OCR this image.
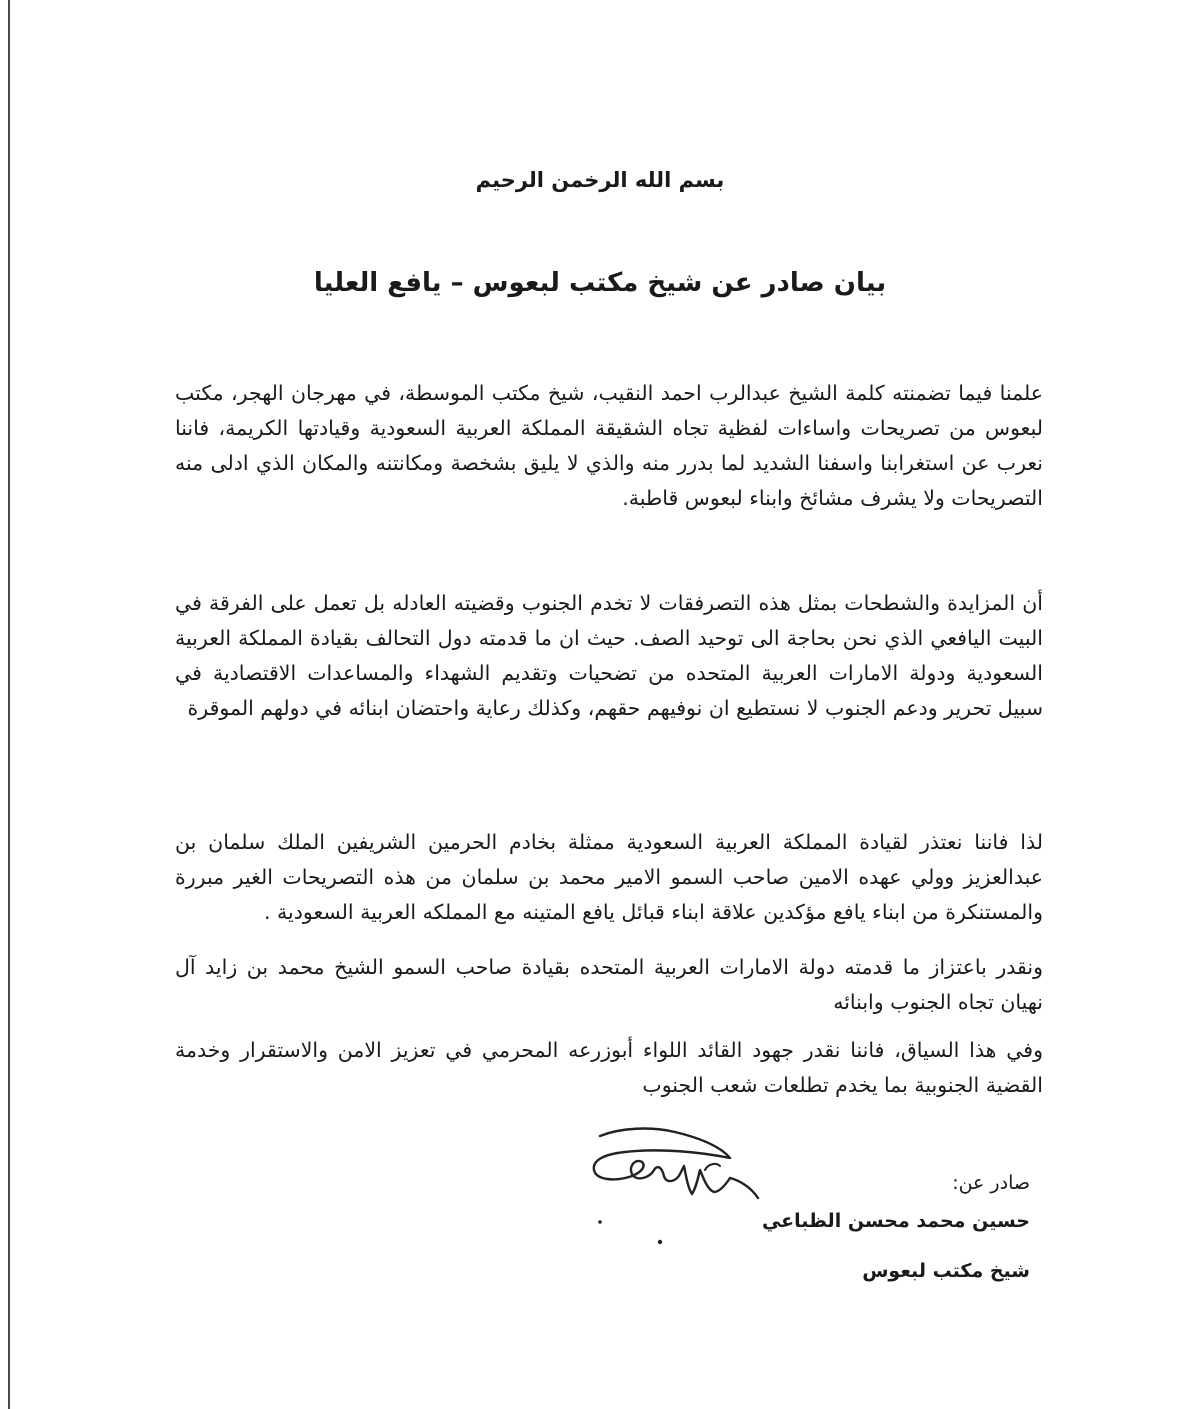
بسم الله الرخمن الرحيم
بيان صادر عن شيخ مكتب لبعوس – يافع العليا

علمنا فيما تضمنته كلمة الشيخ عبدالرب احمد النقيب، شيخ مكتب الموسطة، في مهرجان الهجر، مكتب لبعوس من تصريحات واساءات لفظية تجاه الشقيقة المملكة العربية السعودية وقيادتها الكريمة، فاننا نعرب عن استغرابنا واسفنا الشديد لما بدرر منه والذي لا يليق بشخصة ومكانتنه والمكان الذي ادلى منه التصريحات ولا يشرف مشائخ وابناء لبعوس قاطبة.

أن المزايدة والشطحات بمثل هذه التصرفقات لا تخدم الجنوب وقضيته العادله بل تعمل على الفرقة في البيت اليافعي الذي نحن بحاجة الى توحيد الصف. حيث ان ما قدمته دول التحالف بقيادة المملكة العربية السعودية ودولة الامارات العربية المتحده من تضحيات وتقديم الشهداء والمساعدات الاقتصادية في سبيل تحرير ودعم الجنوب لا نستطيع ان نوفيهم حقهم، وكذلك رعاية واحتضان ابنائه في دولهم الموقرة

لذا فاننا نعتذر لقيادة المملكة العربية السعودية ممثلة بخادم الحرمين الشريفين الملك سلمان بن عبدالعزيز وولي عهده الامين صاحب السمو الامير محمد بن سلمان من هذه التصريحات الغير مبررة والمستنكرة من ابناء يافع مؤكدين علاقة ابناء قبائل يافع المتينه مع المملكه العربية السعودية .

ونقدر باعتزاز ما قدمته دولة الامارات العربية المتحده بقيادة صاحب السمو الشيخ محمد بن زايد آل نهيان تجاه الجنوب وابنائه

وفي هذا السياق، فاننا نقدر جهود القائد اللواء أبوزرعه المحرمي في تعزيز الامن والاستقرار وخدمة القضية الجنوبية بما يخدم تطلعات شعب الجنوب

صادر عن:
حسين محمد محسن الظباعي
شيخ مكتب لبعوس
